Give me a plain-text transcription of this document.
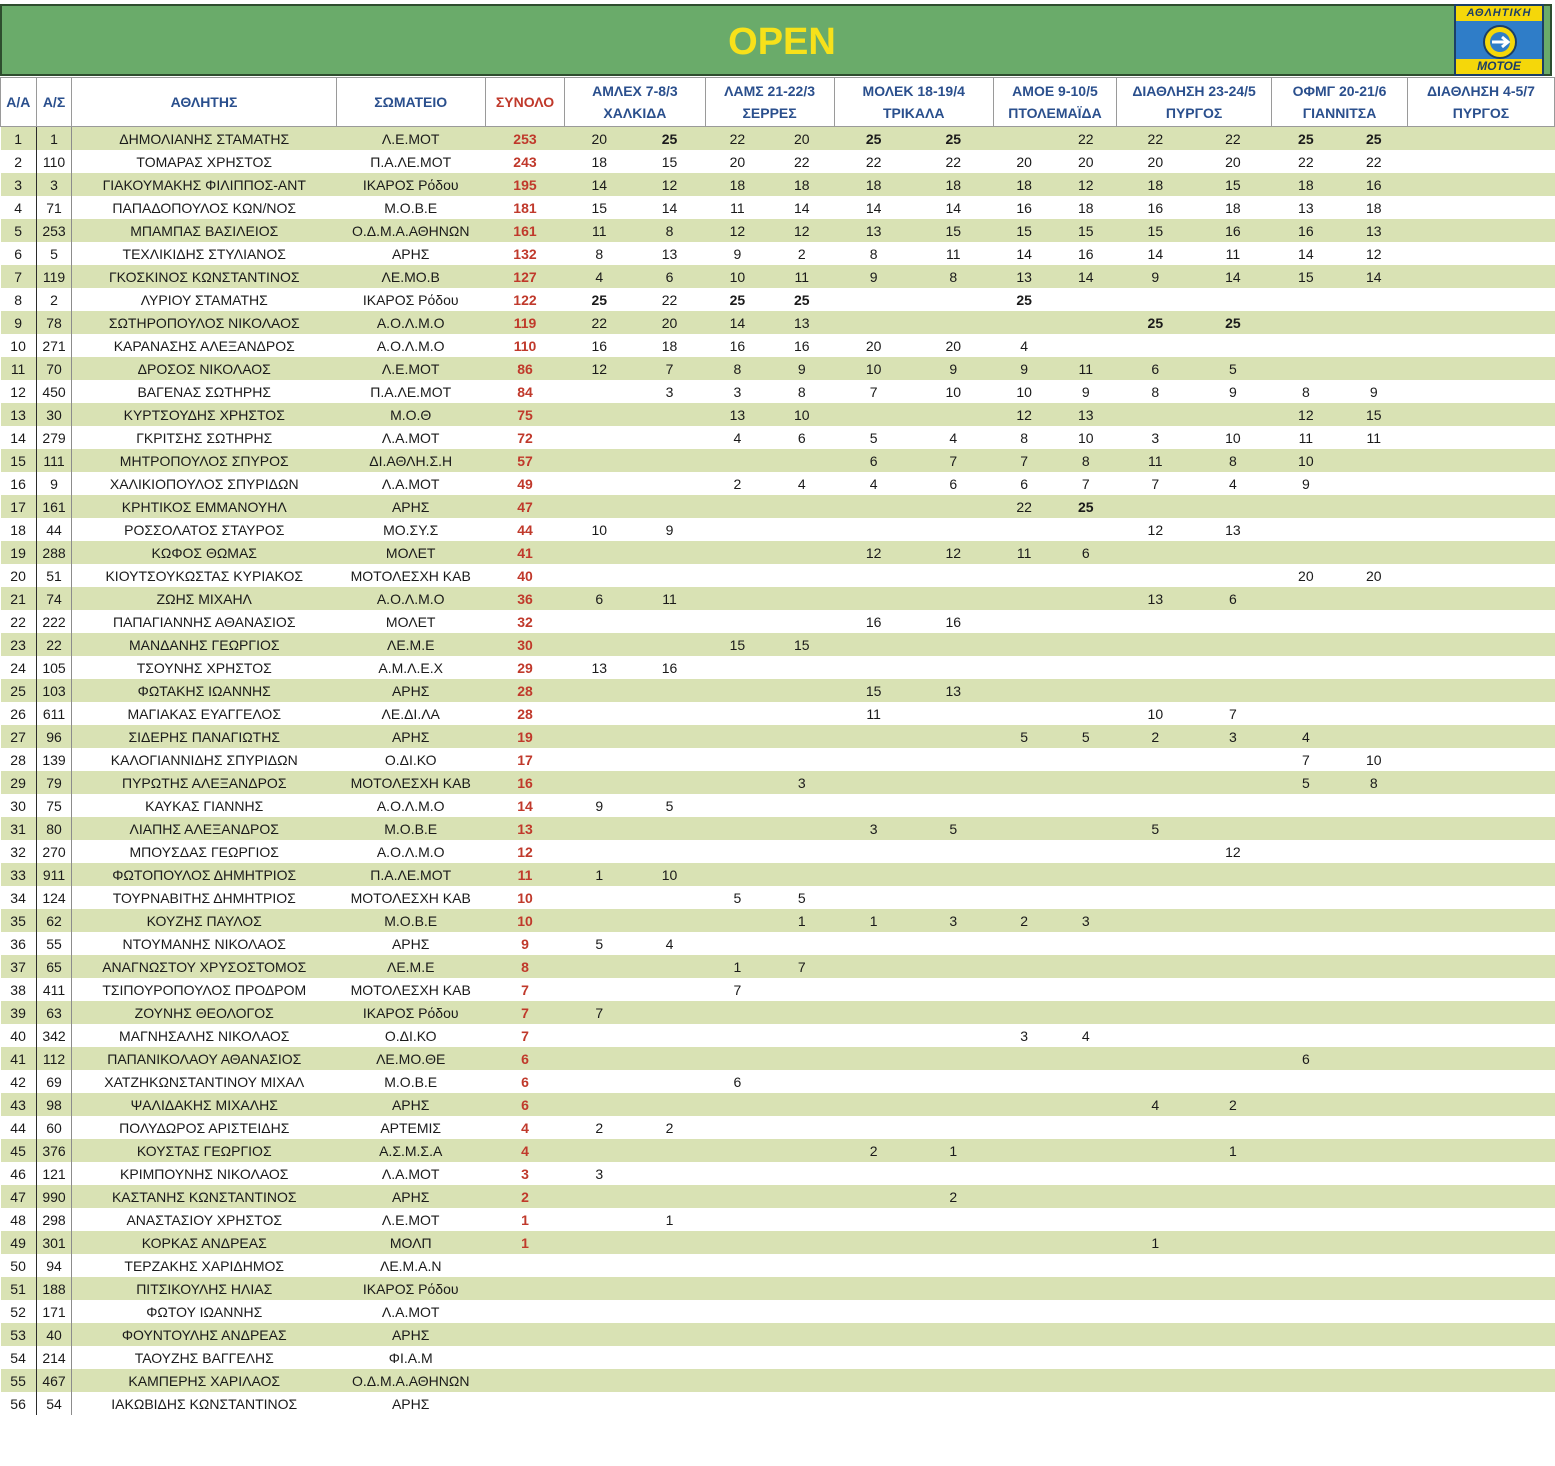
OPEN
ΑΘΛΗΤΙΚΗ
ΜΟΤΟΕ
Α/Α	Α/Σ	ΑΘΛΗΤΗΣ	ΣΩΜΑΤΕΙΟ	ΣΥΝΟΛΟ	ΑΜΛΕΧ 7-8/3
ΧΑΛΚΙΔΑ		ΛΑΜΣ 21-22/3
ΣΕΡΡΕΣ		ΜΟΛΕΚ 18-19/4
ΤΡΙΚΑΛΑ		ΑΜΟΕ 9-10/5
ΠΤΟΛΕΜΑΪΔΑ		ΔΙΑΘΛΗΣΗ 23-24/5
ΠΥΡΓΟΣ		ΟΦΜΓ 20-21/6
ΓΙΑΝΝΙΤΣΑ		ΔΙΑΘΛΗΣΗ 4-5/7
ΠΥΡΓΟΣ	
1	1	ΔΗΜΟΛΙΑΝΗΣ ΣΤΑΜΑΤΗΣ	Λ.Ε.ΜΟΤ	253	20	25	22	20	25	25		22	22	22	25	25		
2	110	ΤΟΜΑΡΑΣ ΧΡΗΣΤΟΣ	Π.Α.ΛΕ.ΜΟΤ	243	18	15	20	22	22	22	20	20	20	20	22	22		
3	3	ΓΙΑΚΟΥΜΑΚΗΣ ΦΙΛΙΠΠΟΣ-ΑΝΤ	ΙΚΑΡΟΣ Ρόδου	195	14	12	18	18	18	18	18	12	18	15	18	16		
4	71	ΠΑΠΑΔΟΠΟΥΛΟΣ ΚΩΝ/ΝΟΣ	Μ.Ο.Β.Ε	181	15	14	11	14	14	14	16	18	16	18	13	18		
5	253	ΜΠΑΜΠΑΣ ΒΑΣΙΛΕΙΟΣ	Ο.Δ.Μ.Α.ΑΘΗΝΩΝ	161	11	8	12	12	13	15	15	15	15	16	16	13		
6	5	ΤΕΧΛΙΚΙΔΗΣ ΣΤΥΛΙΑΝΟΣ	ΑΡΗΣ	132	8	13	9	2	8	11	14	16	14	11	14	12		
7	119	ΓΚΟΣΚΙΝΟΣ ΚΩΝΣΤΑΝΤΙΝΟΣ	ΛΕ.ΜΟ.Β	127	4	6	10	11	9	8	13	14	9	14	15	14		
8	2	ΛΥΡΙΟΥ ΣΤΑΜΑΤΗΣ	ΙΚΑΡΟΣ Ρόδου	122	25	22	25	25			25							
9	78	ΣΩΤΗΡΟΠΟΥΛΟΣ ΝΙΚΟΛΑΟΣ	Α.Ο.Λ.Μ.Ο	119	22	20	14	13					25	25				
10	271	ΚΑΡΑΝΑΣΗΣ ΑΛΕΞΑΝΔΡΟΣ	Α.Ο.Λ.Μ.Ο	110	16	18	16	16	20	20	4							
11	70	ΔΡΟΣΟΣ ΝΙΚΟΛΑΟΣ	Λ.Ε.ΜΟΤ	86	12	7	8	9	10	9	9	11	6	5				
12	450	ΒΑΓΕΝΑΣ ΣΩΤΗΡΗΣ	Π.Α.ΛΕ.ΜΟΤ	84		3	3	8	7	10	10	9	8	9	8	9		
13	30	ΚΥΡΤΣΟΥΔΗΣ ΧΡΗΣΤΟΣ	Μ.Ο.Θ	75			13	10			12	13			12	15		
14	279	ΓΚΡΙΤΣΗΣ ΣΩΤΗΡΗΣ	Λ.Α.ΜΟΤ	72			4	6	5	4	8	10	3	10	11	11		
15	111	ΜΗΤΡΟΠΟΥΛΟΣ ΣΠΥΡΟΣ	ΔΙ.ΑΘΛΗ.Σ.Η	57					6	7	7	8	11	8	10			
16	9	ΧΑΛΙΚΙΟΠΟΥΛΟΣ ΣΠΥΡΙΔΩΝ	Λ.Α.ΜΟΤ	49			2	4	4	6	6	7	7	4	9			
17	161	ΚΡΗΤΙΚΟΣ ΕΜΜΑΝΟΥΗΛ	ΑΡΗΣ	47							22	25						
18	44	ΡΟΣΣΟΛΑΤΟΣ ΣΤΑΥΡΟΣ	ΜΟ.ΣΥ.Σ	44	10	9							12	13				
19	288	ΚΩΦΟΣ ΘΩΜΑΣ	ΜΟΛΕΤ	41					12	12	11	6						
20	51	ΚΙΟΥΤΣΟΥΚΩΣΤΑΣ ΚΥΡΙΑΚΟΣ	ΜΟΤΟΛΕΣΧΗ ΚΑΒ	40											20	20		
21	74	ΖΩΗΣ ΜΙΧΑΗΛ	Α.Ο.Λ.Μ.Ο	36	6	11							13	6				
22	222	ΠΑΠΑΓΙΑΝΝΗΣ ΑΘΑΝΑΣΙΟΣ	ΜΟΛΕΤ	32					16	16								
23	22	ΜΑΝΔΑΝΗΣ ΓΕΩΡΓΙΟΣ	ΛΕ.Μ.Ε	30			15	15										
24	105	ΤΣΟΥΝΗΣ ΧΡΗΣΤΟΣ	Α.Μ.Λ.Ε.Χ	29	13	16												
25	103	ΦΩΤΑΚΗΣ ΙΩΑΝΝΗΣ	ΑΡΗΣ	28					15	13								
26	611	ΜΑΓΙΑΚΑΣ ΕΥΑΓΓΕΛΟΣ	ΛΕ.ΔΙ.ΛΑ	28					11				10	7				
27	96	ΣΙΔΕΡΗΣ ΠΑΝΑΓΙΩΤΗΣ	ΑΡΗΣ	19							5	5	2	3	4			
28	139	ΚΑΛΟΓΙΑΝΝΙΔΗΣ ΣΠΥΡΙΔΩΝ	Ο.ΔΙ.ΚΟ	17											7	10		
29	79	ΠΥΡΩΤΗΣ ΑΛΕΞΑΝΔΡΟΣ	ΜΟΤΟΛΕΣΧΗ ΚΑΒ	16				3							5	8		
30	75	ΚΑΥΚΑΣ ΓΙΑΝΝΗΣ	Α.Ο.Λ.Μ.Ο	14	9	5												
31	80	ΛΙΑΠΗΣ ΑΛΕΞΑΝΔΡΟΣ	Μ.Ο.Β.Ε	13					3	5			5					
32	270	ΜΠΟΥΣΔΑΣ ΓΕΩΡΓΙΟΣ	Α.Ο.Λ.Μ.Ο	12										12				
33	911	ΦΩΤΟΠΟΥΛΟΣ ΔΗΜΗΤΡΙΟΣ	Π.Α.ΛΕ.ΜΟΤ	11	1	10												
34	124	ΤΟΥΡΝΑΒΙΤΗΣ ΔΗΜΗΤΡΙΟΣ	ΜΟΤΟΛΕΣΧΗ ΚΑΒ	10			5	5										
35	62	ΚΟΥΖΗΣ ΠΑΥΛΟΣ	Μ.Ο.Β.Ε	10				1	1	3	2	3						
36	55	ΝΤΟΥΜΑΝΗΣ ΝΙΚΟΛΑΟΣ	ΑΡΗΣ	9	5	4												
37	65	ΑΝΑΓΝΩΣΤΟΥ ΧΡΥΣΟΣΤΟΜΟΣ	ΛΕ.Μ.Ε	8			1	7										
38	411	ΤΣΙΠΟΥΡΟΠΟΥΛΟΣ ΠΡΟΔΡΟΜ	ΜΟΤΟΛΕΣΧΗ ΚΑΒ	7			7											
39	63	ΖΟΥΝΗΣ ΘΕΟΛΟΓΟΣ	ΙΚΑΡΟΣ Ρόδου	7	7													
40	342	ΜΑΓΝΗΣΑΛΗΣ ΝΙΚΟΛΑΟΣ	Ο.ΔΙ.ΚΟ	7							3	4						
41	112	ΠΑΠΑΝΙΚΟΛΑΟΥ ΑΘΑΝΑΣΙΟΣ	ΛΕ.ΜΟ.ΘΕ	6											6			
42	69	ΧΑΤΖΗΚΩΝΣΤΑΝΤΙΝΟΥ ΜΙΧΑΛ	Μ.Ο.Β.Ε	6			6											
43	98	ΨΑΛΙΔΑΚΗΣ ΜΙΧΑΛΗΣ	ΑΡΗΣ	6									4	2				
44	60	ΠΟΛΥΔΩΡΟΣ ΑΡΙΣΤΕΙΔΗΣ	ΑΡΤΕΜΙΣ	4	2	2												
45	376	ΚΟΥΣΤΑΣ ΓΕΩΡΓΙΟΣ	Α.Σ.Μ.Σ.Α	4					2	1				1				
46	121	ΚΡΙΜΠΟΥΝΗΣ ΝΙΚΟΛΑΟΣ	Λ.Α.ΜΟΤ	3	3													
47	990	ΚΑΣΤΑΝΗΣ ΚΩΝΣΤΑΝΤΙΝΟΣ	ΑΡΗΣ	2						2								
48	298	ΑΝΑΣΤΑΣΙΟΥ ΧΡΗΣΤΟΣ	Λ.Ε.ΜΟΤ	1		1												
49	301	ΚΟΡΚΑΣ ΑΝΔΡΕΑΣ	ΜΟΛΠ	1									1					
50	94	ΤΕΡΖΑΚΗΣ ΧΑΡΙΔΗΜΟΣ	ΛΕ.Μ.Α.Ν															
51	188	ΠΙΤΣΙΚΟΥΛΗΣ ΗΛΙΑΣ	ΙΚΑΡΟΣ Ρόδου															
52	171	ΦΩΤΟΥ ΙΩΑΝΝΗΣ	Λ.Α.ΜΟΤ															
53	40	ΦΟΥΝΤΟΥΛΗΣ ΑΝΔΡΕΑΣ	ΑΡΗΣ															
54	214	ΤΑΟΥΖΗΣ ΒΑΓΓΕΛΗΣ	ΦΙ.Α.Μ															
55	467	ΚΑΜΠΕΡΗΣ ΧΑΡΙΛΑΟΣ	Ο.Δ.Μ.Α.ΑΘΗΝΩΝ															
56	54	ΙΑΚΩΒΙΔΗΣ ΚΩΝΣΤΑΝΤΙΝΟΣ	ΑΡΗΣ															
